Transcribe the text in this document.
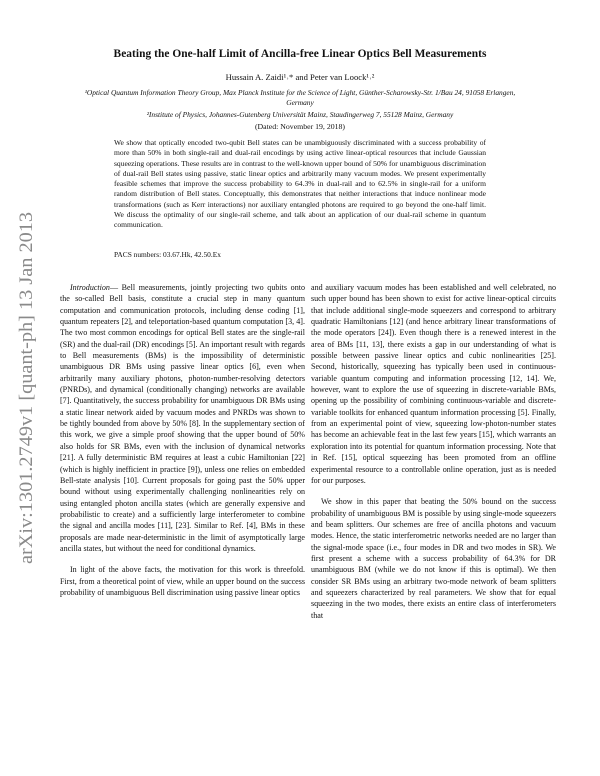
arXiv:1301.2749v1 [quant-ph] 13 Jan 2013
Beating the One-half Limit of Ancilla-free Linear Optics Bell Measurements
Hussain A. Zaidi¹˒* and Peter van Loock¹˒²
¹Optical Quantum Information Theory Group, Max Planck Institute for the Science of Light, Günther-Scharowsky-Str. 1/Bau 24, 91058 Erlangen, Germany
²Institute of Physics, Johannes-Gutenberg Universität Mainz, Staudingerweg 7, 55128 Mainz, Germany
(Dated: November 19, 2018)
We show that optically encoded two-qubit Bell states can be unambiguously discriminated with a success probability of more than 50% in both single-rail and dual-rail encodings by using active linear-optical resources that include Gaussian squeezing operations. These results are in contrast to the well-known upper bound of 50% for unambiguous discrimination of dual-rail Bell states using passive, static linear optics and arbitrarily many vacuum modes. We present experimentally feasible schemes that improve the success probability to 64.3% in dual-rail and to 62.5% in single-rail for a uniform random distribution of Bell states. Conceptually, this demonstrates that neither interactions that induce nonlinear mode transformations (such as Kerr interactions) nor auxiliary entangled photons are required to go beyond the one-half limit. We discuss the optimality of our single-rail scheme, and talk about an application of our dual-rail scheme in quantum communication.
PACS numbers: 03.67.Hk, 42.50.Ex

Introduction— Bell measurements, jointly projecting two qubits onto the so-called Bell basis, constitute a crucial step in many quantum computation and communication protocols, including dense coding [1], quantum repeaters [2], and teleportation-based quantum computation [3, 4]. The two most common encodings for optical Bell states are the single-rail (SR) and the dual-rail (DR) encodings [5]. An important result with regards to Bell measurements (BMs) is the impossibility of deterministic unambiguous DR BMs using passive linear optics [6], even when arbitrarily many auxiliary photons, photon-number-resolving detectors (PNRDs), and dynamical (conditionally changing) networks are available [7]. Quantitatively, the success probability for unambiguous DR BMs using a static linear network aided by vacuum modes and PNRDs was shown to be tightly bounded from above by 50% [8]. In the supplementary section of this work, we give a simple proof showing that the upper bound of 50% also holds for SR BMs, even with the inclusion of dynamical networks [21]. A fully deterministic BM requires at least a cubic Hamiltonian [22] (which is highly inefficient in practice [9]), unless one relies on embedded Bell-state analysis [10]. Current proposals for going past the 50% upper bound without using experimentally challenging nonlinearities rely on using entangled photon ancilla states (which are generally expensive and probabilistic to create) and a sufficiently large interferometer to combine the signal and ancilla modes [11], [23]. Similar to Ref. [4], BMs in these proposals are made near-deterministic in the limit of asymptotically large ancilla states, but without the need for conditional dynamics.

In light of the above facts, the motivation for this work is threefold. First, from a theoretical point of view, while an upper bound on the success probability of unambiguous Bell discrimination using passive linear optics

and auxiliary vacuum modes has been established and well celebrated, no such upper bound has been shown to exist for active linear-optical circuits that include additional single-mode squeezers and correspond to arbitrary quadratic Hamiltonians [12] (and hence arbitrary linear transformations of the mode operators [24]). Even though there is a renewed interest in the area of BMs [11, 13], there exists a gap in our understanding of what is possible between passive linear optics and cubic nonlinearities [25]. Second, historically, squeezing has typically been used in continuous-variable quantum computing and information processing [12, 14]. We, however, want to explore the use of squeezing in discrete-variable BMs, opening up the possibility of combining continuous-variable and discrete-variable toolkits for enhanced quantum information processing [5]. Finally, from an experimental point of view, squeezing low-photon-number states has become an achievable feat in the last few years [15], which warrants an exploration into its potential for quantum information processing. Note that in Ref. [15], optical squeezing has been promoted from an offline experimental resource to a controllable online operation, just as is needed for our purposes.

We show in this paper that beating the 50% bound on the success probability of unambiguous BM is possible by using single-mode squeezers and beam splitters. Our schemes are free of ancilla photons and vacuum modes. Hence, the static interferometric networks needed are no larger than the signal-mode space (i.e., four modes in DR and two modes in SR). We first present a scheme with a success probability of 64.3% for DR unambiguous BM (while we do not know if this is optimal). We then consider SR BMs using an arbitrary two-mode network of beam splitters and squeezers characterized by real parameters. We show that for equal squeezing in the two modes, there exists an entire class of interferometers that
